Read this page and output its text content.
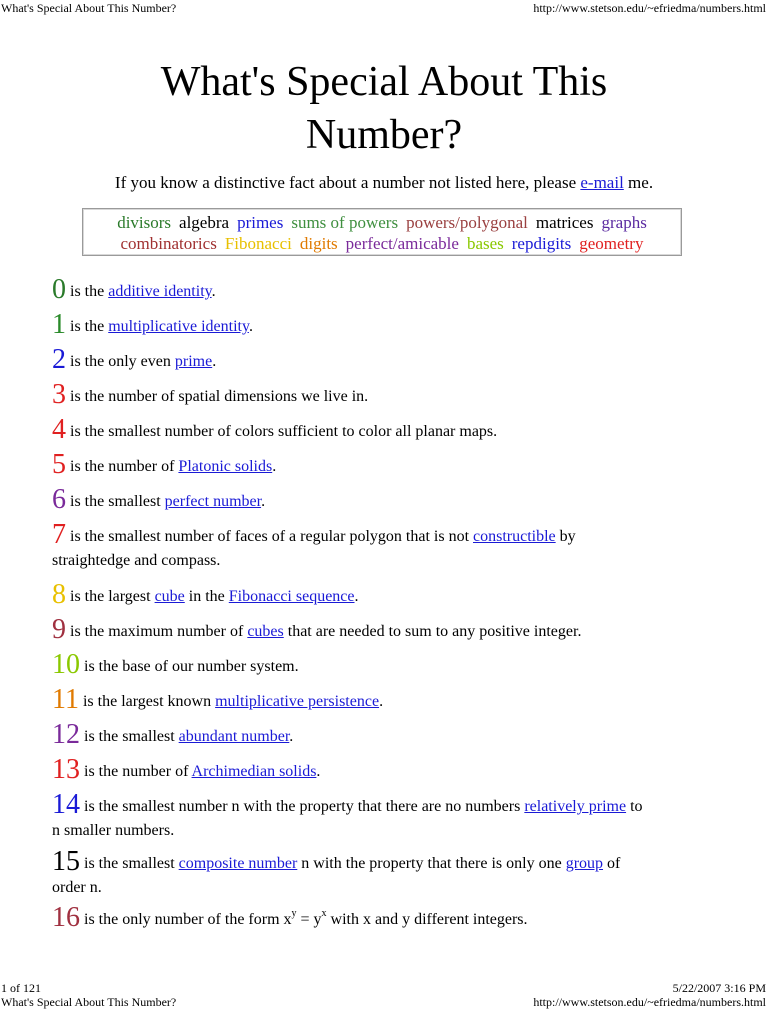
What's Special About This Number?	http://www.stetson.edu/~efriedma/numbers.html
What's Special About This
Number?
If you know a distinctive fact about a number not listed here, please e-mail me.
divisors algebra primes sums of powers powers/polygonal matrices graphs
combinatorics Fibonacci digits perfect/amicable bases repdigits geometry
0 is the additive identity.
1 is the multiplicative identity.
2 is the only even prime.
3 is the number of spatial dimensions we live in.
4 is the smallest number of colors sufficient to color all planar maps.
5 is the number of Platonic solids.
6 is the smallest perfect number.
7 is the smallest number of faces of a regular polygon that is not constructible by
straightedge and compass.
8 is the largest cube in the Fibonacci sequence.
9 is the maximum number of cubes that are needed to sum to any positive integer.
10 is the base of our number system.
11 is the largest known multiplicative persistence.
12 is the smallest abundant number.
13 is the number of Archimedian solids.
14 is the smallest number n with the property that there are no numbers relatively prime to
n smaller numbers.
15 is the smallest composite number n with the property that there is only one group of
order n.
16 is the only number of the form $x^y = y^x$ with x and y different integers.
1 of 121	5/22/2007 3:16 PM
What's Special About This Number?	http://www.stetson.edu/~efriedma/numbers.html
